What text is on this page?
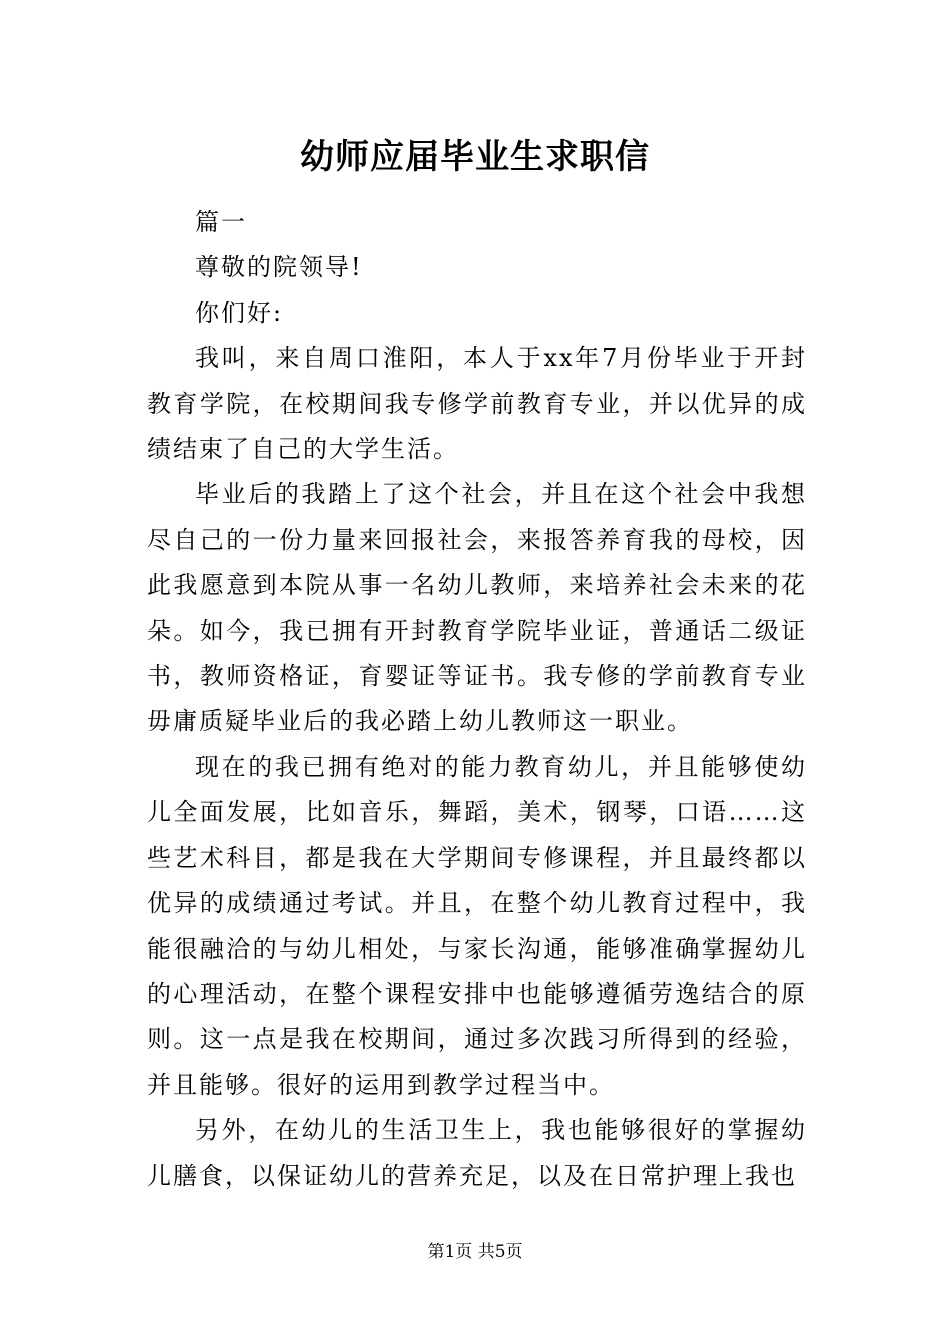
幼师应届毕业生求职信

篇一

尊敬的院领导!

你们好:

我叫，来自周口淮阳，本人于xx年7月份毕业于开封教育学院，在校期间我专修学前教育专业，并以优异的成绩结束了自己的大学生活。

毕业后的我踏上了这个社会，并且在这个社会中我想尽自己的一份力量来回报社会，来报答养育我的母校，因此我愿意到本院从事一名幼儿教师，来培养社会未来的花朵。如今，我已拥有开封教育学院毕业证，普通话二级证书，教师资格证，育婴证等证书。我专修的学前教育专业毋庸质疑毕业后的我必踏上幼儿教师这一职业。

现在的我已拥有绝对的能力教育幼儿，并且能够使幼儿全面发展，比如音乐，舞蹈，美术，钢琴，口语……这些艺术科目，都是我在大学期间专修课程，并且最终都以优异的成绩通过考试。并且，在整个幼儿教育过程中，我能很融洽的与幼儿相处，与家长沟通，能够准确掌握幼儿的心理活动，在整个课程安排中也能够遵循劳逸结合的原则。这一点是我在校期间，通过多次践习所得到的经验，并且能够。很好的运用到教学过程当中。

另外，在幼儿的生活卫生上，我也能够很好的掌握幼儿膳食，以保证幼儿的营养充足，以及在日常护理上我也

第1页 共5页
